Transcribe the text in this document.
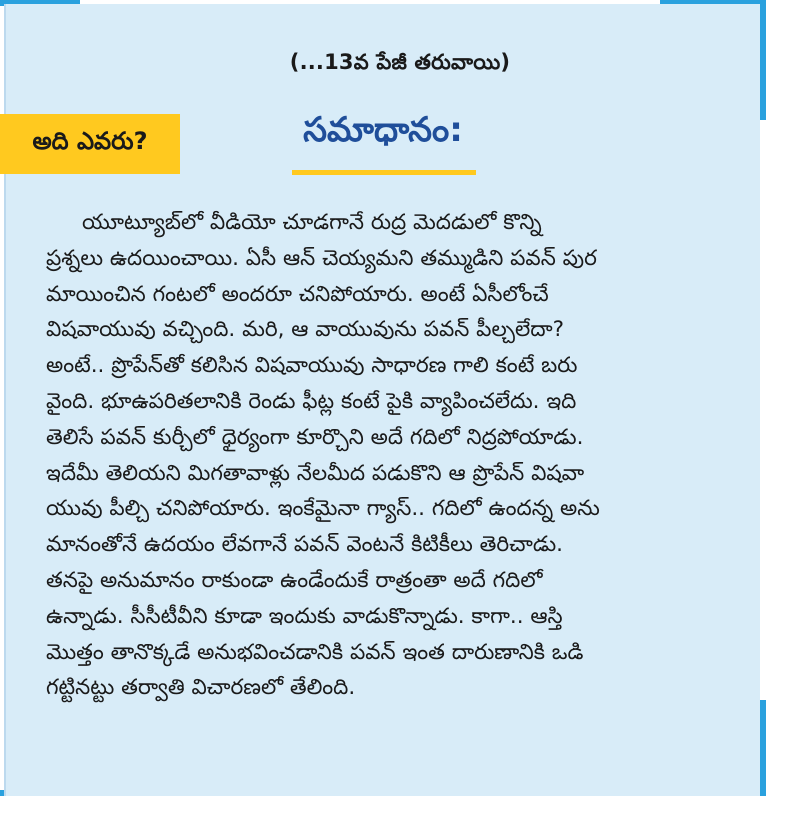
(...13వ పేజీ తరువాయి)
అది ఎవరు?	సమాధానం:
యూట్యూబ్‌లో వీడియో చూడగానే రుద్ర మెదడులో కొన్ని
ప్రశ్నలు ఉదయించాయి. ఏసీ ఆన్ చెయ్యమని తమ్ముడిని పవన్ పుర
మాయించిన గంటలో అందరూ చనిపోయారు. అంటే ఏసీలోంచే
విషవాయువు వచ్చింది. మరి, ఆ వాయువును పవన్ పీల్చలేదా?
అంటే.. ప్రొపేన్‌తో కలిసిన విషవాయువు సాధారణ గాలి కంటే బరు
వైంది. భూఉపరితలానికి రెండు ఫీట్ల కంటే పైకి వ్యాపించలేదు. ఇది
తెలిసే పవన్ కుర్చీలో ధైర్యంగా కూర్చొని అదే గదిలో నిద్రపోయాడు.
ఇదేమీ తెలియని మిగతావాళ్లు నేలమీద పడుకొని ఆ ప్రొపేన్ విషవా
యువు పీల్చి చనిపోయారు. ఇంకేమైనా గ్యాస్.. గదిలో ఉందన్న అను
మానంతోనే ఉదయం లేవగానే పవన్ వెంటనే కిటికీలు తెరిచాడు.
తనపై అనుమానం రాకుండా ఉండేందుకే రాత్రంతా అదే గదిలో
ఉన్నాడు. సీసీటీవీని కూడా ఇందుకు వాడుకొన్నాడు. కాగా.. ఆస్తి
మొత్తం తానొక్కడే అనుభవించడానికి పవన్ ఇంత దారుణానికి ఒడి
గట్టినట్టు తర్వాతి విచారణలో తేలింది.
